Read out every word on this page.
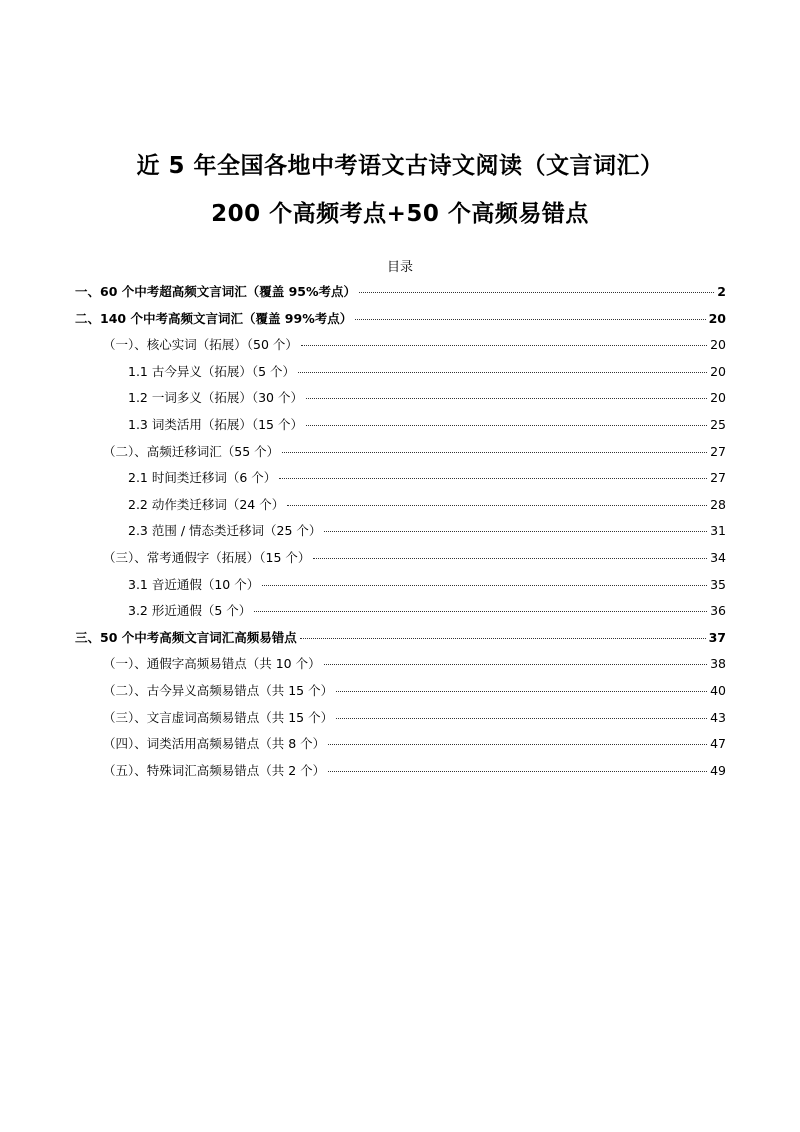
近 5 年全国各地中考语文古诗文阅读（文言词汇）
200 个高频考点+50 个高频易错点
目录
一、60 个中考超高频文言词汇（覆盖 95%考点）	2
二、140 个中考高频文言词汇（覆盖 99%考点）	20
（一）、核心实词（拓展）（50 个）	20
1.1 古今异义（拓展）（5 个）	20
1.2 一词多义（拓展）（30 个）	20
1.3 词类活用（拓展）（15 个）	25
（二）、高频迁移词汇（55 个）	27
2.1 时间类迁移词（6 个）	27
2.2 动作类迁移词（24 个）	28
2.3 范围 / 情态类迁移词（25 个）	31
（三）、常考通假字（拓展）（15 个）	34
3.1 音近通假（10 个）	35
3.2 形近通假（5 个）	36
三、50 个中考高频文言词汇高频易错点	37
（一）、通假字高频易错点（共 10 个）	38
（二）、古今异义高频易错点（共 15 个）	40
（三）、文言虚词高频易错点（共 15 个）	43
（四）、词类活用高频易错点（共 8 个）	47
（五）、特殊词汇高频易错点（共 2 个）	49
